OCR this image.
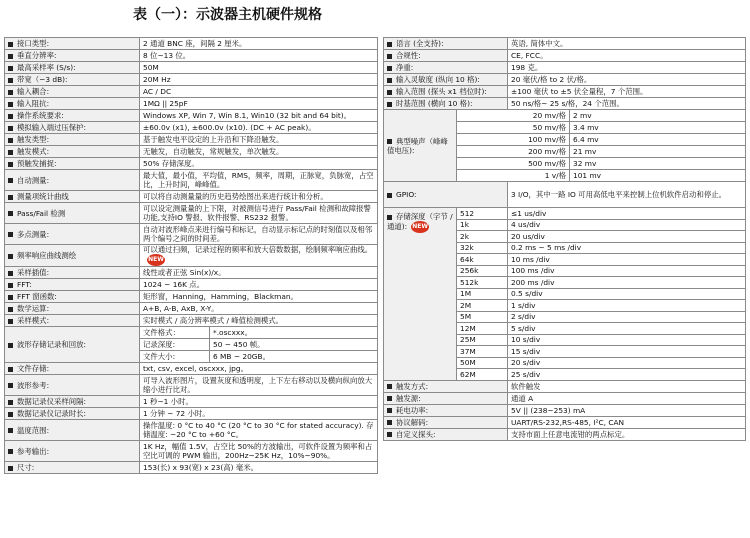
表（一）：示波器主机硬件规格
接口类型:	2 通道 BNC 座，间隔 2 厘米。	
垂直分辨率:	8 位~13 位。	
最高采样率 (S/s):	50M	
带宽（−3 dB):	20M Hz	
输入耦合:	AC / DC	
输入阻抗:	1MΩ || 25pF	
操作系统要求:	Windows XP, Win 7, Win 8.1, Win10 (32 bit and 64 bit)。	
模拟输入端过压保护:	±60.0v (x1), ±600.0v (x10). (DC + AC peak)。	
触发类型:	基于触发电平设定的上升沿和下降沿触发。	
触发模式:	无触发，自动触发，常规触发，单次触发。	
预触发捕捉:	50% 存储深度。	
自动测量:	最大值，最小值，平均值，RMS，频率，周期，正脉宽，负脉宽，占空比，上升时间，峰峰值。	
测量项统计曲线	可以将自动测量量的历史趋势绘图出来进行统计和分析。	
Pass/Fail 检测	可以设定测量量的上下限，对被测信号进行 Pass/Fail 检测和故障报警功能,支持IO 警报、软件报警、RS232 报警。	
多点测量:	自动对波形峰点来进行编号和标记，自动显示标记点的时刻值以及相邻两个编号之间的时间差。	
频率响应曲线测绘	可以通过扫频，记录过程的频率和放大倍数数据，绘制频率响应曲线。NEW	
采样插值:	线性或者正弦 Sin(x)/x。	
FFT:	1024 ~ 16K 点。	
FFT 窗函数:	矩形窗，Hanning，Hamming，Blackman。	
数学运算:	A+B, A-B, AxB, X-Y。	
采样模式:	实时模式 / 高分辨率模式 / 峰值检测模式。	
波形存储记录和回放:	文件格式：	*.oscxxx。
	记录深度:	50 ~ 450 帧。
	文件大小:	6 MB ~ 20GB。
文件存储:	txt, csv, excel, oscxxx, jpg。	
波形参考:	可导入波形图片，设置灰度和透明度，上下左右移动以及横向纵向放大缩小进行比对。	
数据记录仪采样间隔:	1 秒~1 小时。	
数据记录仪记录时长:	1 分钟 ~ 72 小时。	
温度范围:	操作温度: 0 °C to 40 °C (20 °C to 30 °C for stated accuracy). 存储温度: −20 °C to +60 °C。	
参考输出:	1K Hz，幅值 1.5V，占空比 50%的方波输出，可软件设置为频率和占空比可调的 PWM 输出，200Hz~25K Hz，10%~90%。	
尺寸:	153(长) x 93(宽) x 23(高) 毫米。	
语言 (全支持):		英语, 简体中文。	
合规性:		CE, FCC。	
净重:		198 克。	
输入灵敏度 (纵向 10 格):		20 毫伏/格 to 2 伏/格。	
输入范围 (探头 x1 档位时):		±100 毫伏 to ±5 伏全量程，7 个范围。	
时基范围 (横向 10 格):		50 ns/格~ 25 s/格，24 个范围。	
典型噪声（峰峰值电压):	20 mv/格		2 mv
	50 mv/格		3.4 mv
	100 mv/格		6.4 mv
	200 mv/格		21 mv
	500 mv/格		32 mv
	1 v/格		101 mv
GPIO:		3 I/O，其中一路 IO 可用高低电平来控制上位机软件启动和停止。	
存储深度（字节 /通道): NEW	512	≤1 us/div	
	1k	4 us/div	
	2k	20 us/div	
	32k	0.2 ms ~ 5 ms /div	
	64k	10 ms /div	
	256k	100 ms /div	
	512k	200 ms /div	
	1M	0.5 s/div	
	2M	1 s/div	
	5M	2 s/div	
	12M	5 s/div	
	25M	10 s/div	
	37M	15 s/div	
	50M	20 s/div	
	62M	25 s/div	
触发方式:		软件触发	
触发源:		通道 A	
耗电功率:		5V || (238~253) mA	
协议解码:		UART/RS-232,RS-485, I²C, CAN	
自定义探头:		支持市面上任意电流钳的两点标定。	
